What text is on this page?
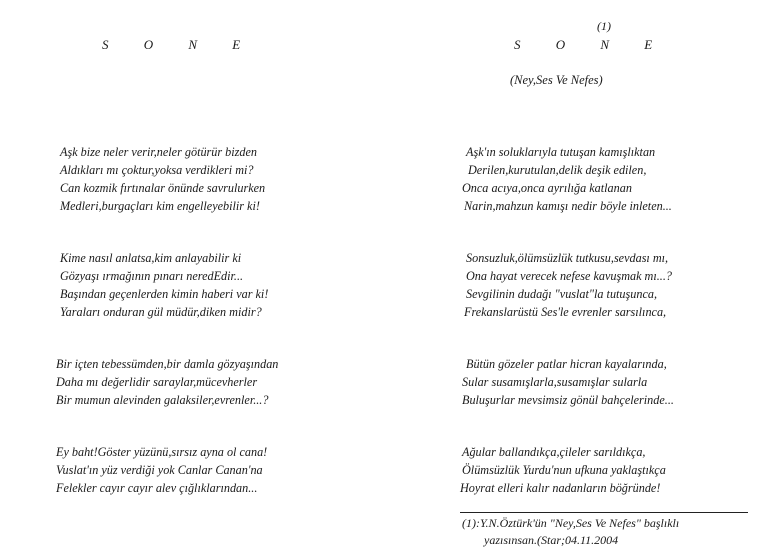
S O N E
Aşk bize neler verir,neler götürür bizden
Aldıkları mı çoktur,yoksa verdikleri mi?
Can kozmik fırtınalar önünde savrulurken
Medleri,burgaçları kim engelleyebilir ki!
Kime nasıl anlatsa,kim anlayabilir ki
Gözyaşı ırmağının pınarı neredEdir...
Başından geçenlerden kimin haberi var ki!
Yaraları onduran gül müdür,diken midir?
Bir içten tebessümden,bir damla gözyaşından
Daha mı değerlidir saraylar,mücevherler
Bir mumun alevinden galaksiler,evrenler...?
Ey baht!Göster yüzünü,sırsız ayna ol cana!
Vuslat'ın yüz verdiği yok Canlar Canan'na
Felekler cayır cayır alev çığlıklarından...
(1)
S O N E
(Ney,Ses Ve Nefes)
Aşk'ın soluklarıyla tutuşan kamışlıktan
Derilen,kurutulan,delik deşik edilen,
Onca acıya,onca ayrılığa katlanan
Narin,mahzun kamışı nedir böyle inleten...
Sonsuzluk,ölümsüzlük tutkusu,sevdası mı,
Ona hayat verecek nefese kavuşmak mı...?
Sevgilinin dudağı "vuslat"la tutuşunca,
Frekanslarüstü Ses'le evrenler sarsılınca,
Bütün gözeler patlar hicran kayalarında,
Sular susamışlarla,susamışlar sularla
Buluşurlar mevsimsiz gönül bahçelerinde...
Ağular ballandıkça,çileler sarıldıkça,
Ölümsüzlük Yurdu'nun ufkuna yaklaştıkça
Hoyrat elleri kalır nadanların böğründe!
(1):Y.N.Öztürk'ün "Ney,Ses Ve Nefes" başlıklı
yazısınsan.(Star;04.11.2004
